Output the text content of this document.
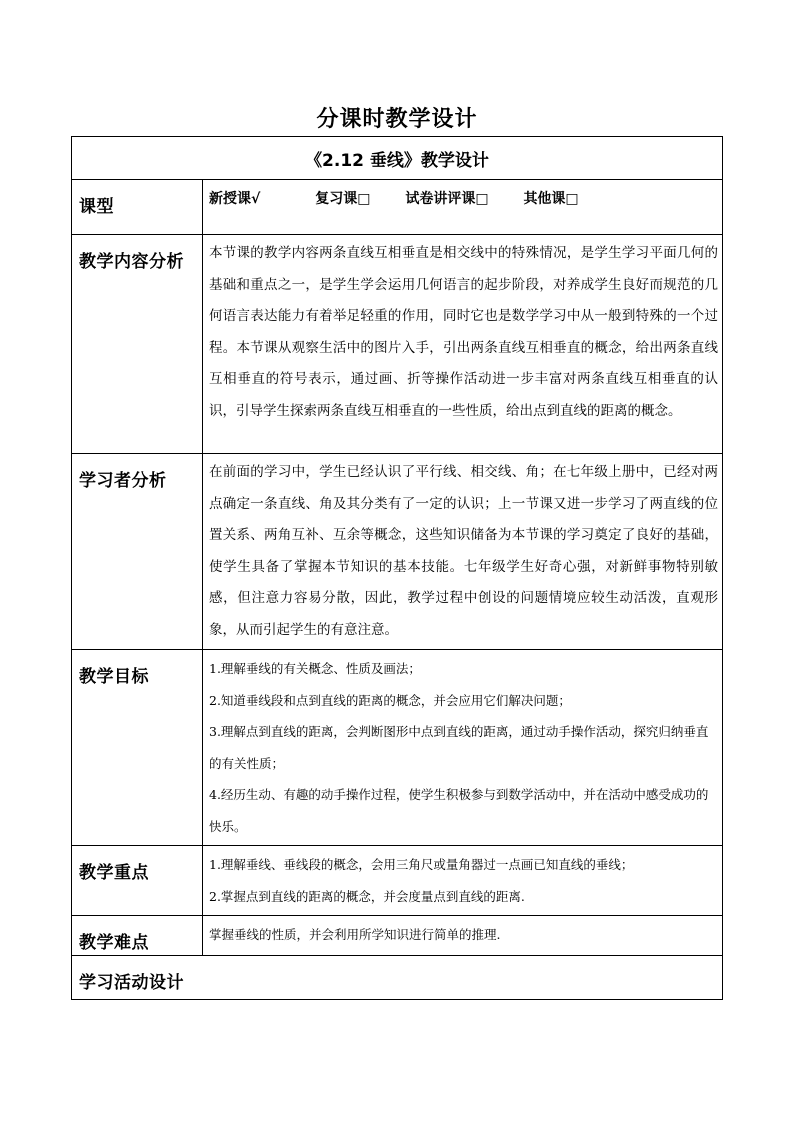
分课时教学设计
《2.12 垂线》教学设计	
课型	新授课√ 复习课□ 试卷讲评课□ 其他课□
教学内容分析	本节课的教学内容两条直线互相垂直是相交线中的特殊情况，是学生学习平面几何的基础和重点之一，是学生学会运用几何语言的起步阶段，对养成学生良好而规范的几何语言表达能力有着举足轻重的作用，同时它也是数学学习中从一般到特殊的一个过程。本节课从观察生活中的图片入手，引出两条直线互相垂直的概念，给出两条直线互相垂直的符号表示，通过画、折等操作活动进一步丰富对两条直线互相垂直的认识，引导学生探索两条直线互相垂直的一些性质，给出点到直线的距离的概念。
学习者分析	在前面的学习中，学生已经认识了平行线、相交线、角；在七年级上册中，已经对两点确定一条直线、角及其分类有了一定的认识；上一节课又进一步学习了两直线的位置关系、两角互补、互余等概念，这些知识储备为本节课的学习奠定了良好的基础，使学生具备了掌握本节知识的基本技能。七年级学生好奇心强，对新鲜事物特别敏感，但注意力容易分散，因此，教学过程中创设的问题情境应较生动活泼，直观形象，从而引起学生的有意注意。
教学目标	1.理解垂线的有关概念、性质及画法；
2.知道垂线段和点到直线的距离的概念，并会应用它们解决问题；
3.理解点到直线的距离，会判断图形中点到直线的距离，通过动手操作活动，探究归纳垂直的有关性质；
4.经历生动、有趣的动手操作过程，使学生积极参与到数学活动中，并在活动中感受成功的快乐。

教学重点	1.理解垂线、垂线段的概念，会用三角尺或量角器过一点画已知直线的垂线；
2.掌握点到直线的距离的概念，并会度量点到直线的距离.

教学难点	掌握垂线的性质，并会利用所学知识进行简单的推理.
学习活动设计	
